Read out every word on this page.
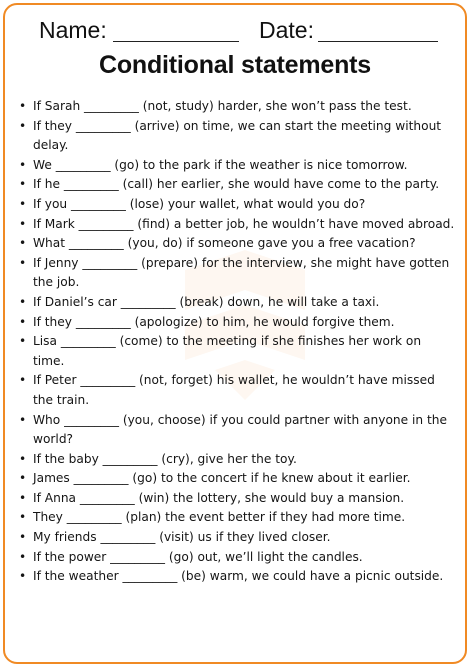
Name:	Date:
Conditional statements
• If Sarah _________ (not, study) harder, she won’t pass the test.
• If they _________ (arrive) on time, we can start the meeting without delay.
• We _________ (go) to the park if the weather is nice tomorrow.
• If he _________ (call) her earlier, she would have come to the party.
• If you _________ (lose) your wallet, what would you do?
• If Mark _________ (find) a better job, he wouldn’t have moved abroad.
• What _________ (you, do) if someone gave you a free vacation?
• If Jenny _________ (prepare) for the interview, she might have gotten the job.
• If Daniel’s car _________ (break) down, he will take a taxi.
• If they _________ (apologize) to him, he would forgive them.
• Lisa _________ (come) to the meeting if she finishes her work on time.
• If Peter _________ (not, forget) his wallet, he wouldn’t have missed the train.
• Who _________ (you, choose) if you could partner with anyone in the world?
• If the baby _________ (cry), give her the toy.
• James _________ (go) to the concert if he knew about it earlier.
• If Anna _________ (win) the lottery, she would buy a mansion.
• They _________ (plan) the event better if they had more time.
• My friends _________ (visit) us if they lived closer.
• If the power _________ (go) out, we’ll light the candles.
• If the weather _________ (be) warm, we could have a picnic outside.
